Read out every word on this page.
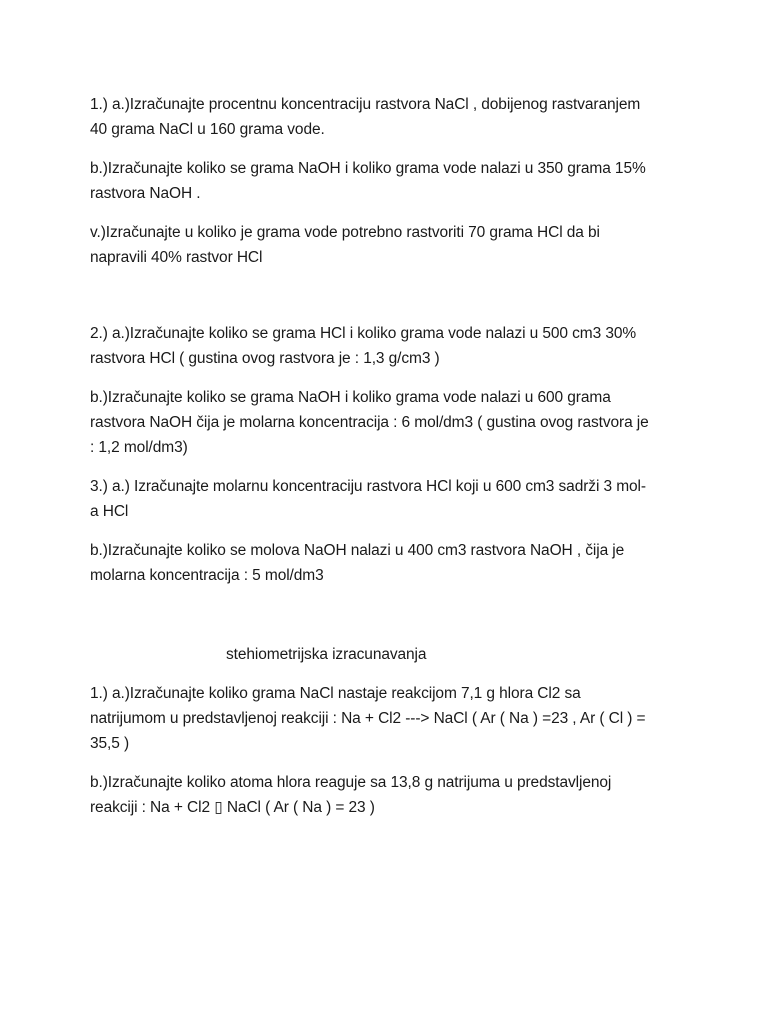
1.) a.)Izračunajte procentnu koncentraciju rastvora NaCl , dobijenog rastvaranjem
40 grama NaCl u 160 grama vode.
b.)Izračunajte koliko se grama NaOH i koliko grama vode nalazi u 350 grama 15%
rastvora NaOH .
v.)Izračunajte u koliko je grama vode potrebno rastvoriti 70 grama HCl da bi
napravili 40% rastvor HCl
2.) a.)Izračunajte koliko se grama HCl i koliko grama vode nalazi u 500 cm3 30%
rastvora HCl ( gustina ovog rastvora je : 1,3 g/cm3 )
b.)Izračunajte koliko se grama NaOH i koliko grama vode nalazi u 600 grama
rastvora NaOH čija je molarna koncentracija : 6 mol/dm3 ( gustina ovog rastvora je
: 1,2 mol/dm3)
3.) a.) Izračunajte molarnu koncentraciju rastvora HCl koji u 600 cm3 sadrži 3 mol-
a HCl
b.)Izračunajte koliko se molova NaOH nalazi u 400 cm3 rastvora NaOH , čija je
molarna koncentracija : 5 mol/dm3
stehiometrijska izracunavanja
1.) a.)Izračunajte koliko grama NaCl nastaje reakcijom 7,1 g hlora Cl2 sa
natrijumom u predstavljenoj reakciji : Na + Cl2 ---> NaCl ( Ar ( Na ) =23 , Ar ( Cl ) =
35,5 )
b.)Izračunajte koliko atoma hlora reaguje sa 13,8 g natrijuma u predstavljenoj
reakciji : Na + Cl2 ▯ NaCl ( Ar ( Na ) = 23 )
